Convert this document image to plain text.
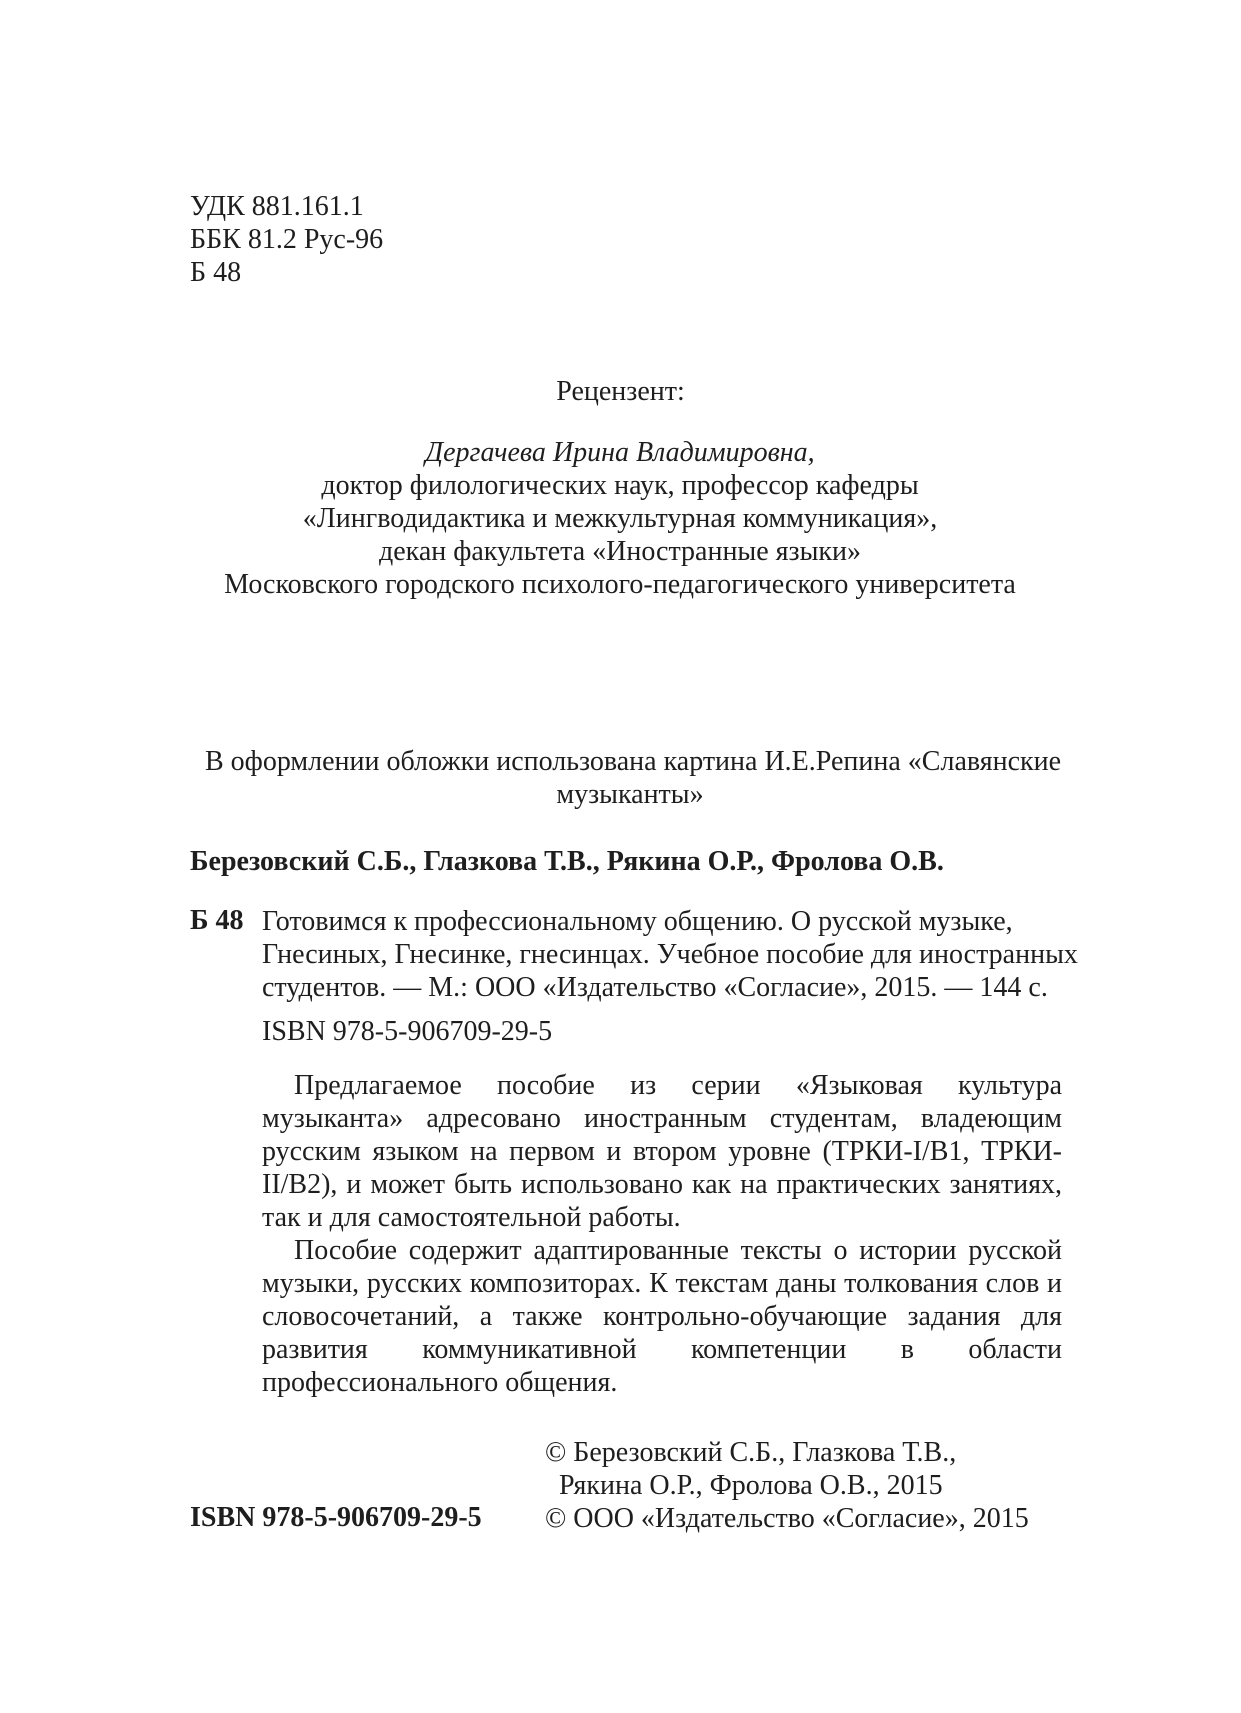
УДК 881.161.1
ББК 81.2 Рус-96
Б 48
Рецензент:
Дергачева Ирина Владимировна,
доктор филологических наук, профессор кафедры
«Лингводидактика и межкультурная коммуникация»,
декан факультета «Иностранные языки»
Московского городского психолого-педагогического университета
В оформлении обложки использована картина И.Е.Репина «Славянские
музыканты»
Березовский С.Б., Глазкова Т.В., Рякина О.Р., Фролова О.В.
Б 48 Готовимся к профессиональному общению. О русской музыке,
Гнесиных, Гнесинке, гнесинцах. Учебное пособие для иностранных
студентов. — М.: ООО «Издательство «Согласие», 2015. — 144 с.
ISBN 978-5-906709-29-5

Предлагаемое пособие из серии «Языковая культура музыканта» адресовано иностранным студентам, владеющим русским языком на первом и втором уровне (ТРКИ-I/B1, ТРКИ-II/B2), и может быть использовано как на практических занятиях, так и для самостоятельной работы.

Пособие содержит адаптированные тексты о истории русской музыки, русских композиторах. К текстам даны толкования слов и словосочетаний, а также контрольно-обучающие задания для развития коммуникативной компетенции в области профессионального общения.

© Березовский С.Б., Глазкова Т.В.,
Рякина О.Р., Фролова О.В., 2015
© ООО «Издательство «Согласие», 2015
ISBN 978-5-906709-29-5
